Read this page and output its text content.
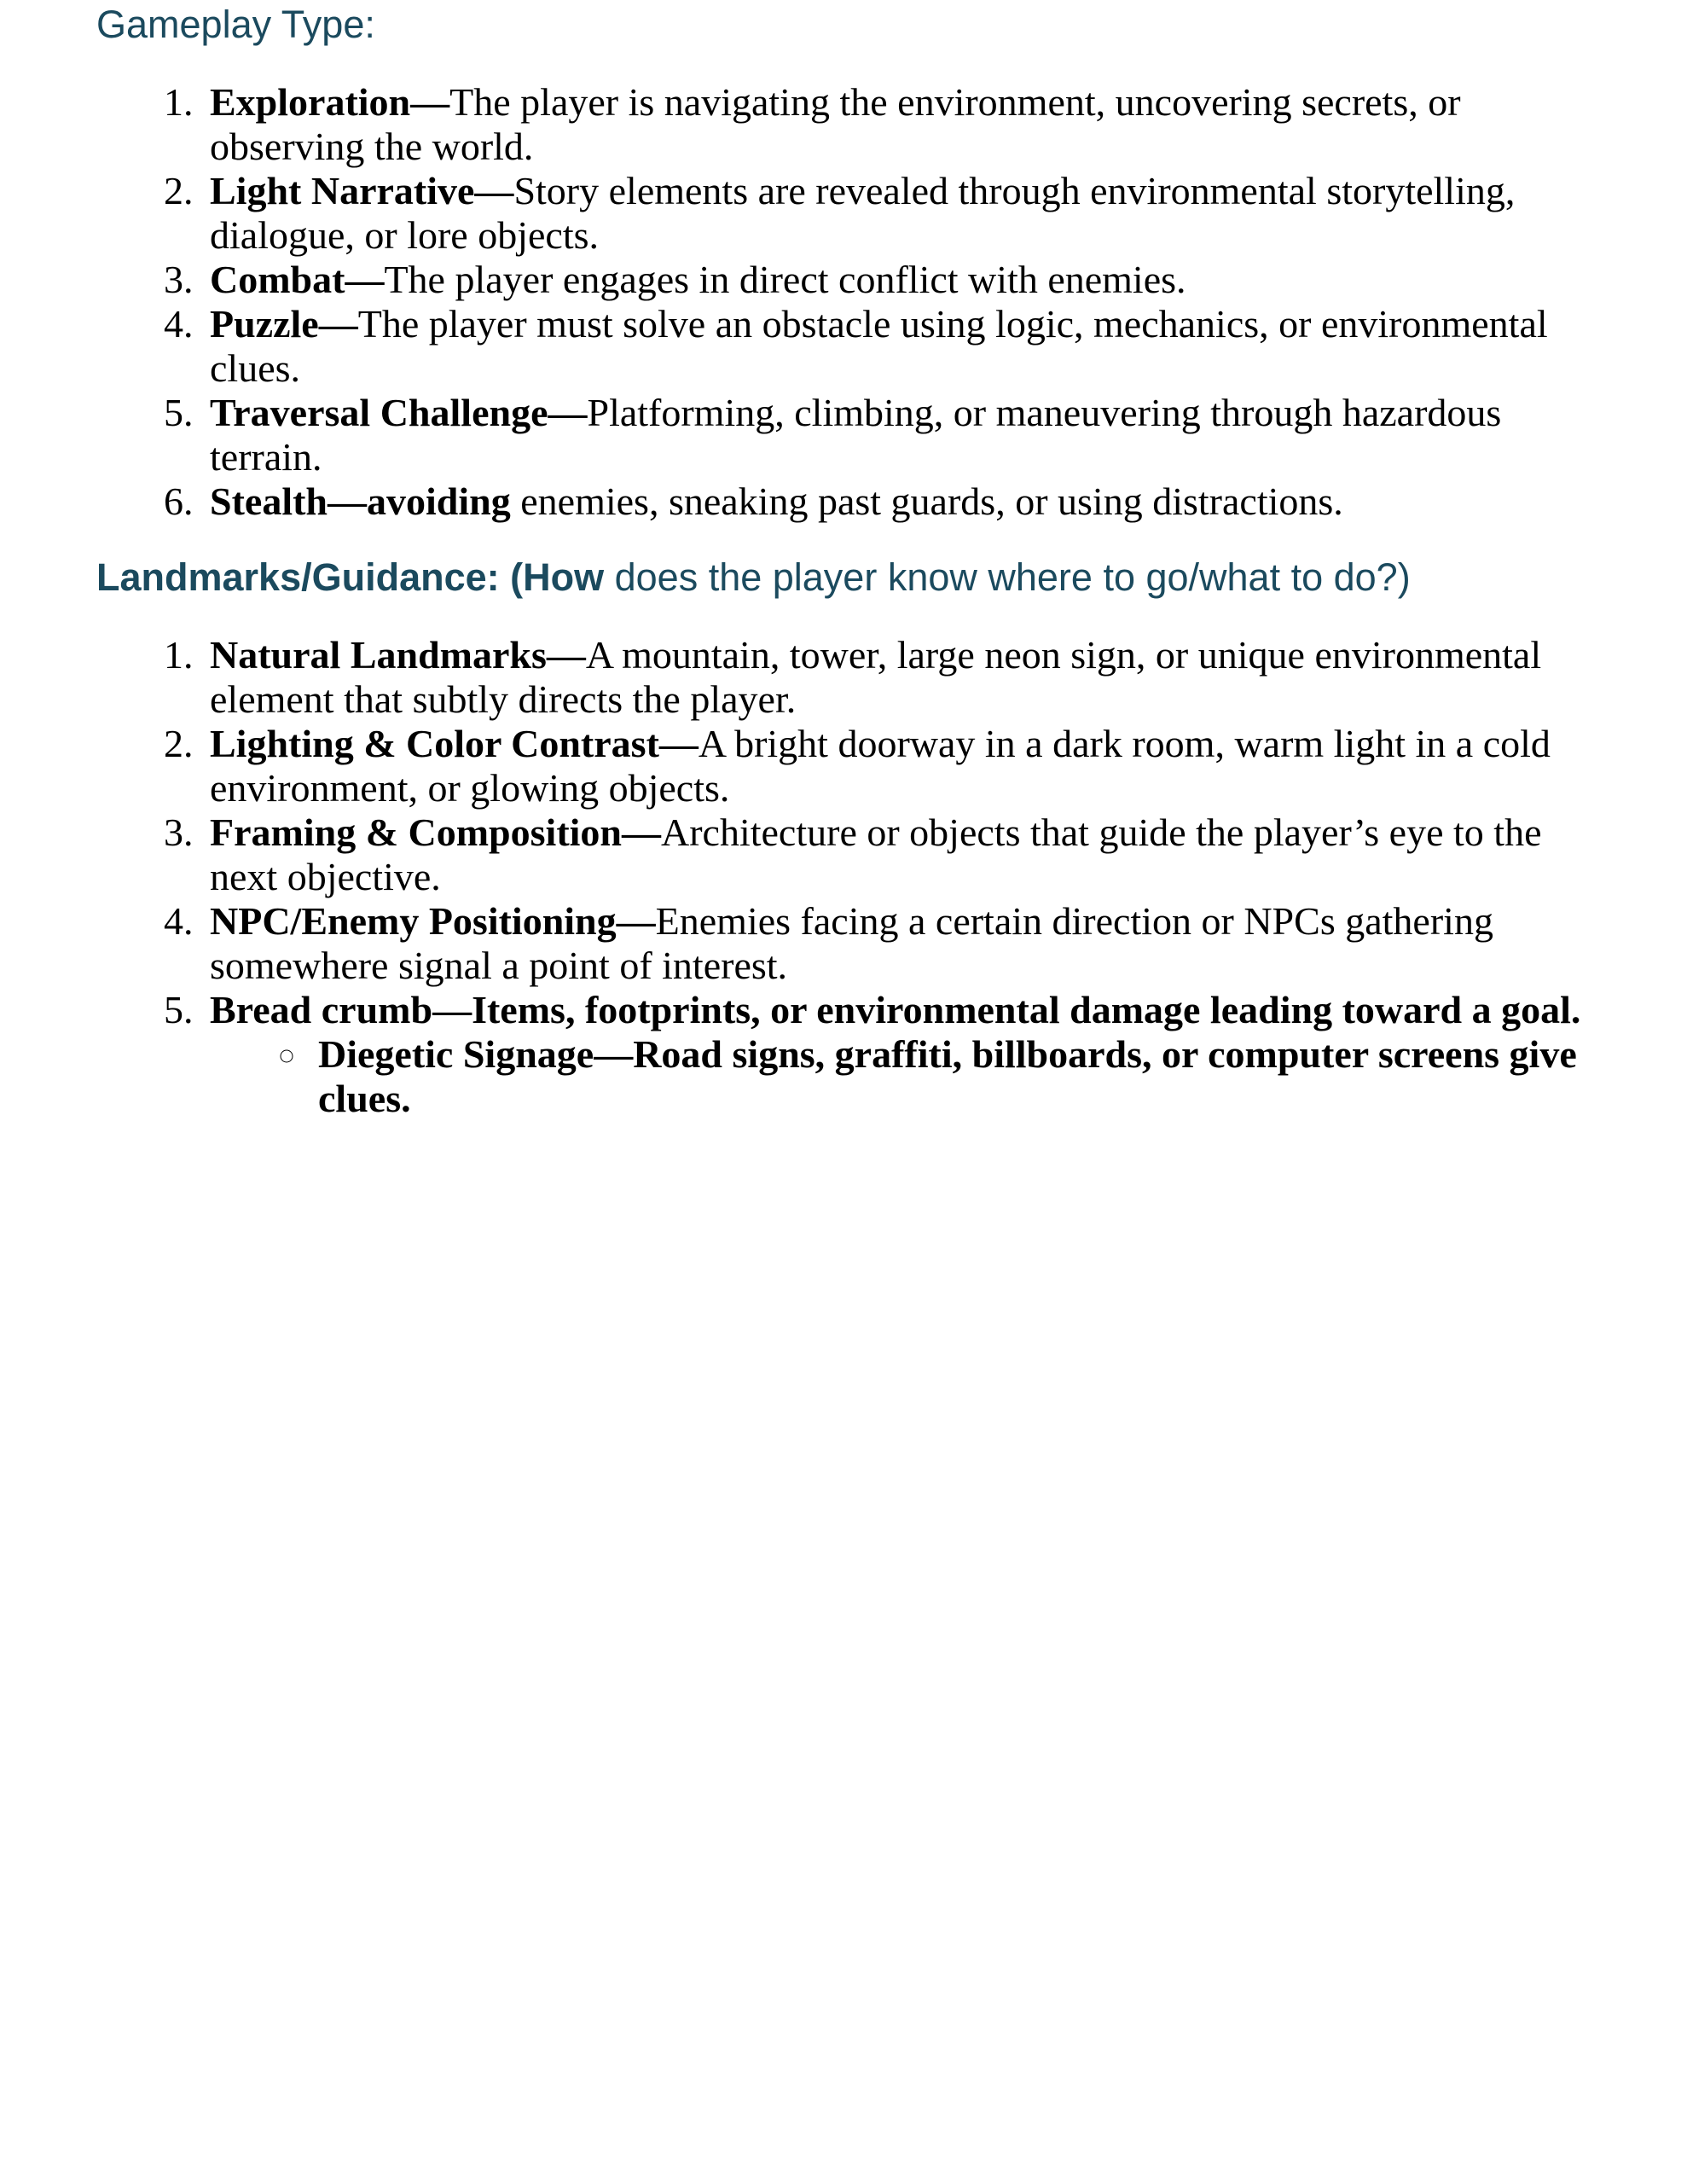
Gameplay Type:
1. Exploration—The player is navigating the environment, uncovering secrets, or observing the world.
2. Light Narrative—Story elements are revealed through environmental storytelling, dialogue, or lore objects.
3. Combat—The player engages in direct conflict with enemies.
4. Puzzle—The player must solve an obstacle using logic, mechanics, or environmental clues.
5. Traversal Challenge—Platforming, climbing, or maneuvering through hazardous terrain.
6. Stealth—avoiding enemies, sneaking past guards, or using distractions.
Landmarks/Guidance: (How does the player know where to go/what to do?)
1. Natural Landmarks—A mountain, tower, large neon sign, or unique environmental element that subtly directs the player.
2. Lighting & Color Contrast—A bright doorway in a dark room, warm light in a cold environment, or glowing objects.
3. Framing & Composition—Architecture or objects that guide the player’s eye to the next objective.
4. NPC/Enemy Positioning—Enemies facing a certain direction or NPCs gathering somewhere signal a point of interest.
5. Bread crumb—Items, footprints, or environmental damage leading toward a goal.
◦ Diegetic Signage—Road signs, graffiti, billboards, or computer screens give clues.
